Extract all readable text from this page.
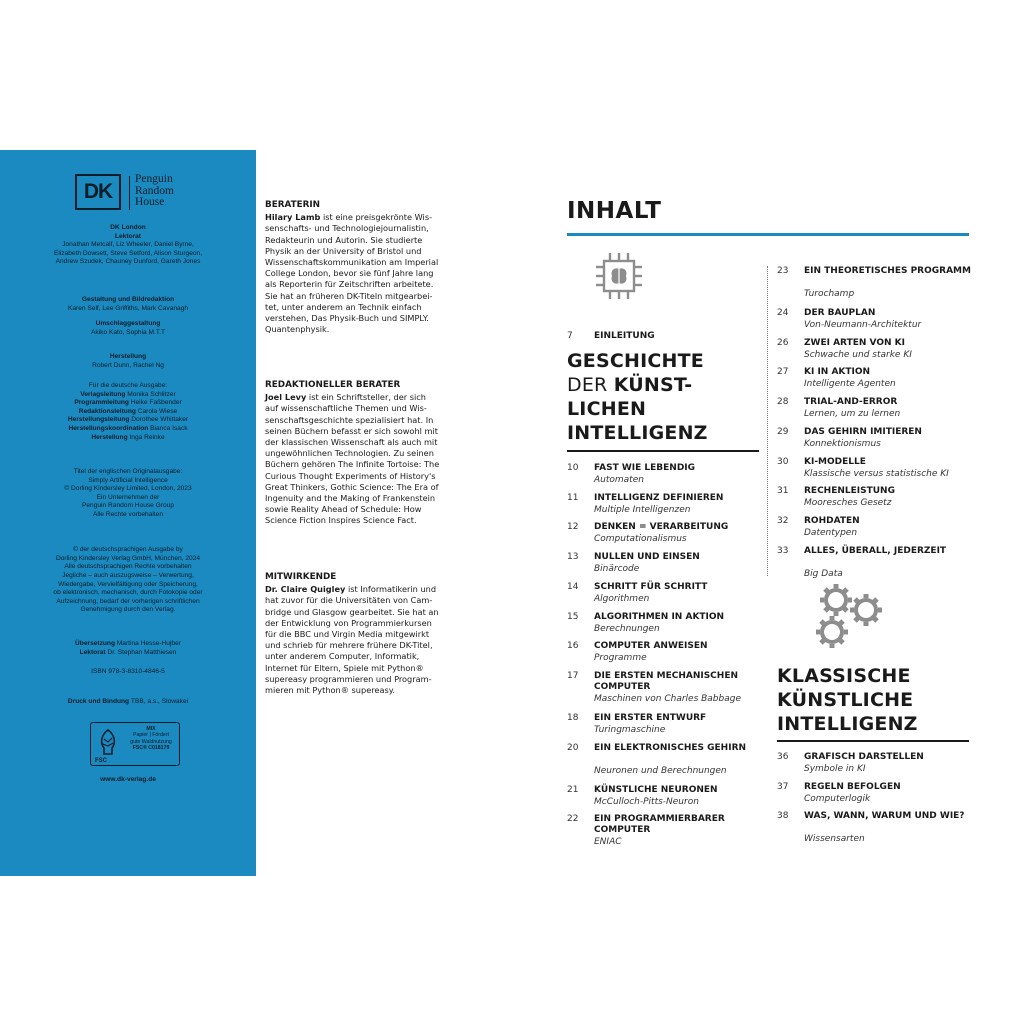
DK
Penguin
Random
House
DK London
Lektorat
Jonathan Metcalf, Liz Wheeler, Daniel Byrne,
Elizabeth Dowsett, Steve Setford, Alison Sturgeon,
Andrew Szudek, Chauney Dunford, Gareth Jones
Gestaltung und Bildredaktion
Karen Self, Lee Griffiths, Mark Cavanagh
Umschlaggestaltung
Akiko Kato, Sophia M.T.T
Herstellung
Robert Dunn, Rachel Ng
Für die deutsche Ausgabe:
Verlagsleitung Monika Schlitzer
Programmleitung Heike Faßbender
Redaktionsleitung Carola Wiese
Herstellungsleitung Dorothee Whittaker
Herstellungskoordination Bianca Isack
Herstellung Inga Reinke
Titel der englischen Originalausgabe:
Simply Artificial Intelligence
© Dorling Kindersley Limited, London, 2023
Ein Unternehmen der
Penguin Random House Group
Alle Rechte vorbehalten
© der deutschsprachigen Ausgabe by
Dorling Kindersley Verlag GmbH, München, 2024
Alle deutschsprachigen Rechte vorbehalten
Jegliche – auch auszugsweise – Verwertung,
Wiedergabe, Vervielfältigung oder Speicherung,
ob elektronisch, mechanisch, durch Fotokopie oder
Aufzeichnung, bedarf der vorherigen schriftlichen
Genehmigung durch den Verlag.
Übersetzung Martina Hesse-Hujber
Lektorat Dr. Stephan Matthiesen
ISBN 978-3-8310-4846-5
Druck und Bindung TBB, a.s., Slowakei
MIX
Papier | Fördert
gute Waldnutzung
FSC® C018179
FSC
www.dk-verlag.de
BERATERIN

Hilary Lamb ist eine preisgekrönte Wis-

senschafts- und Technologiejournalistin,

Redakteurin und Autorin. Sie studierte

Physik an der University of Bristol und

Wissenschaftskommunikation am Imperial

College London, bevor sie fünf Jahre lang

als Reporterin für Zeitschriften arbeitete.

Sie hat an früheren DK-Titeln mitgearbei-

tet, unter anderem an Technik einfach

verstehen, Das Physik-Buch und SIMPLY.

Quantenphysik.

REDAKTIONELLER BERATER

Joel Levy ist ein Schriftsteller, der sich

auf wissenschaftliche Themen und Wis-

senschaftsgeschichte spezialisiert hat. In

seinen Büchern befasst er sich sowohl mit

der klassischen Wissenschaft als auch mit

ungewöhnlichen Technologien. Zu seinen

Büchern gehören The Infinite Tortoise: The

Curious Thought Experiments of History's

Great Thinkers, Gothic Science: The Era of

Ingenuity and the Making of Frankenstein

sowie Reality Ahead of Schedule: How

Science Fiction Inspires Science Fact.

MITWIRKENDE

Dr. Claire Quigley ist Informatikerin und

hat zuvor für die Universitäten von Cam-

bridge und Glasgow gearbeitet. Sie hat an

der Entwicklung von Programmierkursen

für die BBC und Virgin Media mitgewirkt

und schrieb für mehrere frühere DK-Titel,

unter anderem Computer, Informatik,

Internet für Eltern, Spiele mit Python®

supereasy programmieren und Program-

mieren mit Python® supereasy.

INHALT
7 EINLEITUNG
GESCHICHTE
DER KÜNST-
LICHEN
INTELLIGENZ
10 FAST WIE LEBENDIG
Automaten
11 INTELLIGENZ DEFINIEREN
Multiple Intelligenzen
12 DENKEN = VERARBEITUNG
Computationalismus
13 NULLEN UND EINSEN
Binärcode
14 SCHRITT FÜR SCHRITT
Algorithmen
15 ALGORITHMEN IN AKTION
Berechnungen
16 COMPUTER ANWEISEN
Programme
17 DIE ERSTEN MECHANISCHEN COMPUTER
Maschinen von Charles Babbage
18 EIN ERSTER ENTWURF
Turingmaschine
20 EIN ELEKTRONISCHES GEHIRN
Neuronen und Berechnungen
21 KÜNSTLICHE NEURONEN
McCulloch-Pitts-Neuron
22 EIN PROGRAMMIERBARER COMPUTER
ENIAC
23 EIN THEORETISCHES PROGRAMM
Turochamp
24 DER BAUPLAN
Von-Neumann-Architektur
26 ZWEI ARTEN VON KI
Schwache und starke KI
27 KI IN AKTION
Intelligente Agenten
28 TRIAL-AND-ERROR
Lernen, um zu lernen
29 DAS GEHIRN IMITIEREN
Konnektionismus
30 KI-MODELLE
Klassische versus statistische KI
31 RECHENLEISTUNG
Mooresches Gesetz
32 ROHDATEN
Datentypen
33 ALLES, ÜBERALL, JEDERZEIT
Big Data
KLASSISCHE
KÜNSTLICHE
INTELLIGENZ
36 GRAFISCH DARSTELLEN
Symbole in KI
37 REGELN BEFOLGEN
Computerlogik
38 WAS, WANN, WARUM UND WIE?
Wissensarten
